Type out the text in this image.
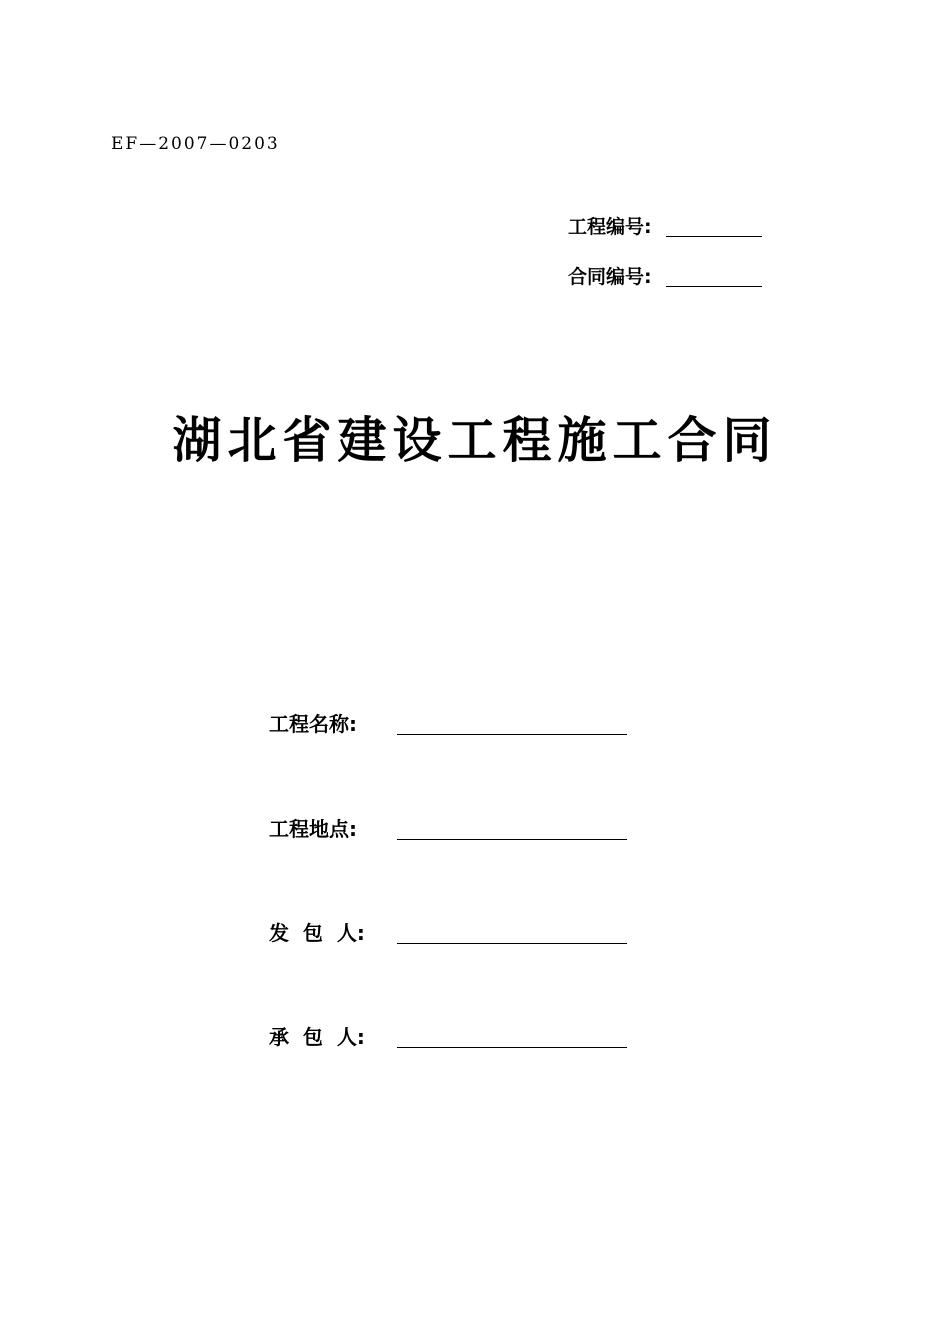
EF—2007—0203
工程编号:
合同编号:
湖北省建设工程施工合同
工程名称:
工程地点:
发  包  人:
承  包  人:
